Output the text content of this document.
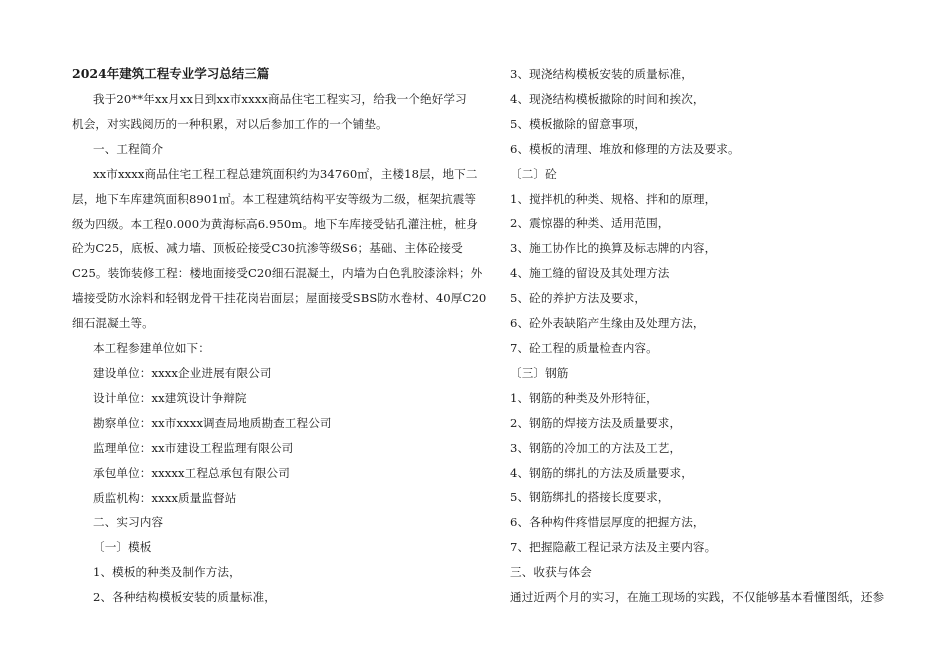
2024年建筑工程专业学习总结三篇
我于20**年xx月xx日到xx市xxxx商品住宅工程实习，给我一个绝好学习
机会，对实践阅历的一种积累，对以后参加工作的一个铺垫。
一、工程简介
xx市xxxx商品住宅工程工程总建筑面积约为34760㎡，主楼18层，地下二
层，地下车库建筑面积8901㎡。本工程建筑结构平安等级为二级，框架抗震等
级为四级。本工程0.000为黄海标高6.950m。地下车库接受钻孔灌注桩，桩身
砼为C25，底板、减力墙、顶板砼接受C30抗渗等级S6；基础、主体砼接受
C25。装饰装修工程：楼地面接受C20细石混凝土，内墙为白色乳胶漆涂料；外
墙接受防水涂料和轻钢龙骨干挂花岗岩面层；屋面接受SBS防水卷材、40厚C20
细石混凝土等。
本工程参建单位如下：
建设单位：xxxx企业进展有限公司
设计单位：xx建筑设计争辩院
勘察单位：xx市xxxx调查局地质勘查工程公司
监理单位：xx市建设工程监理有限公司
承包单位：xxxxx工程总承包有限公司
质监机构：xxxx质量监督站
二、实习内容
〔一〕模板
1、模板的种类及制作方法，
2、各种结构模板安装的质量标准，
3、现浇结构模板安装的质量标准，
4、现浇结构模板撤除的时间和挨次，
5、模板撤除的留意事项，
6、模板的清理、堆放和修理的方法及要求。
〔二〕砼
1、搅拌机的种类、规格、拌和的原理，
2、震惊器的种类、适用范围，
3、施工协作比的换算及标志牌的内容，
4、施工缝的留设及其处理方法
5、砼的养护方法及要求，
6、砼外表缺陷产生缘由及处理方法，
7、砼工程的质量检查内容。
〔三〕钢筋
1、钢筋的种类及外形特征，
2、钢筋的焊接方法及质量要求，
3、钢筋的冷加工的方法及工艺，
4、钢筋的绑扎的方法及质量要求，
5、钢筋绑扎的搭接长度要求，
6、各种构件疼惜层厚度的把握方法，
7、把握隐蔽工程记录方法及主要内容。
三、收获与体会
通过近两个月的实习，在施工现场的实践，不仅能够基本看懂图纸，还参
